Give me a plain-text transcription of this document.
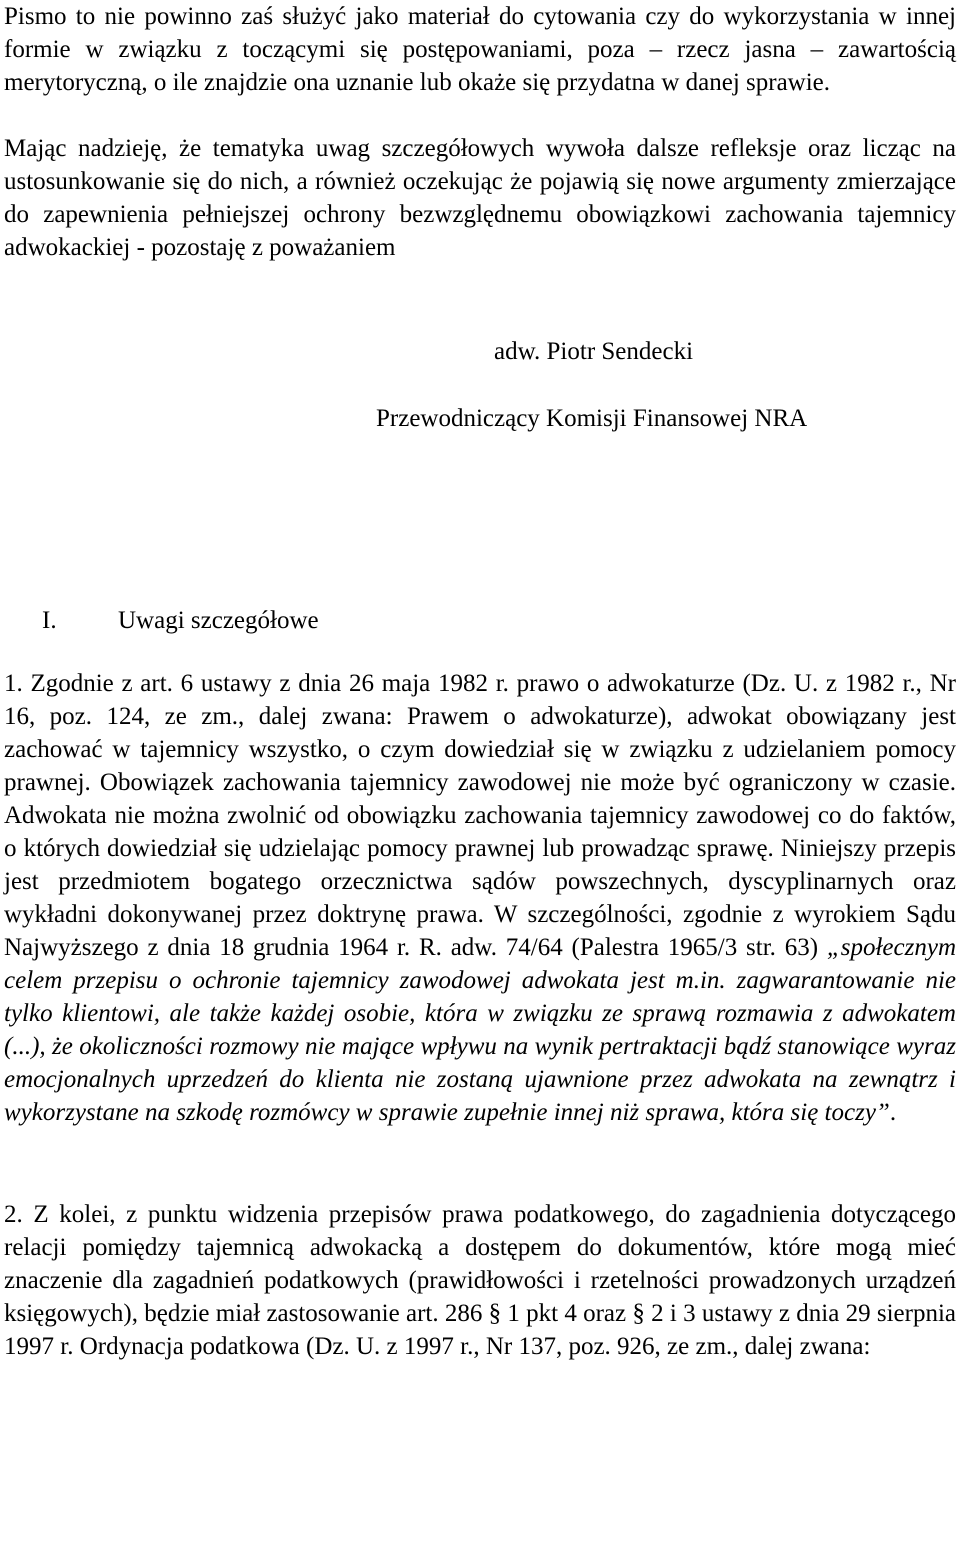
Pismo to nie powinno zaś służyć jako materiał do cytowania czy do wykorzystania w innej formie w związku z toczącymi się postępowaniami, poza – rzecz jasna – zawartością merytoryczną, o ile znajdzie ona uznanie lub okaże się przydatna w danej sprawie.

Mając nadzieję, że tematyka uwag szczegółowych wywoła dalsze refleksje oraz licząc na ustosunkowanie się do nich, a również oczekując że pojawią się nowe argumenty zmierzające do zapewnienia pełniejszej ochrony bezwzględnemu obowiązkowi zachowania tajemnicy adwokackiej - pozostaję z poważaniem

adw. Piotr Sendecki
Przewodniczący Komisji Finansowej NRA
I.	Uwagi szczegółowe

1. Zgodnie z art. 6 ustawy z dnia 26 maja 1982 r. prawo o adwokaturze (Dz. U. z 1982 r., Nr 16, poz. 124, ze zm., dalej zwana: Prawem o adwokaturze), adwokat obowiązany jest zachować w tajemnicy wszystko, o czym dowiedział się w związku z udzielaniem pomocy prawnej. Obowiązek zachowania tajemnicy zawodowej nie może być ograniczony w czasie. Adwokata nie można zwolnić od obowiązku zachowania tajemnicy zawodowej co do faktów, o których dowiedział się udzielając pomocy prawnej lub prowadząc sprawę. Niniejszy przepis jest przedmiotem bogatego orzecznictwa sądów powszechnych, dyscyplinarnych oraz wykładni dokonywanej przez doktrynę prawa. W szczególności, zgodnie z wyrokiem Sądu Najwyższego z dnia 18 grudnia 1964 r. R. adw. 74/64 (Palestra 1965/3 str. 63) „społecznym celem przepisu o ochronie tajemnicy zawodowej adwokata jest m.in. zagwarantowanie nie tylko klientowi, ale także każdej osobie, która w związku ze sprawą rozmawia z adwokatem (...), że okoliczności rozmowy nie mające wpływu na wynik pertraktacji bądź stanowiące wyraz emocjonalnych uprzedzeń do klienta nie zostaną ujawnione przez adwokata na zewnątrz i wykorzystane na szkodę rozmówcy w sprawie zupełnie innej niż sprawa, która się toczy”.

2. Z kolei, z punktu widzenia przepisów prawa podatkowego, do zagadnienia dotyczącego relacji pomiędzy tajemnicą adwokacką a dostępem do dokumentów, które mogą mieć znaczenie dla zagadnień podatkowych (prawidłowości i rzetelności prowadzonych urządzeń księgowych), będzie miał zastosowanie art. 286 § 1 pkt 4 oraz § 2 i 3 ustawy z dnia 29 sierpnia 1997 r. Ordynacja podatkowa (Dz. U. z 1997 r., Nr 137, poz. 926, ze zm., dalej zwana:
